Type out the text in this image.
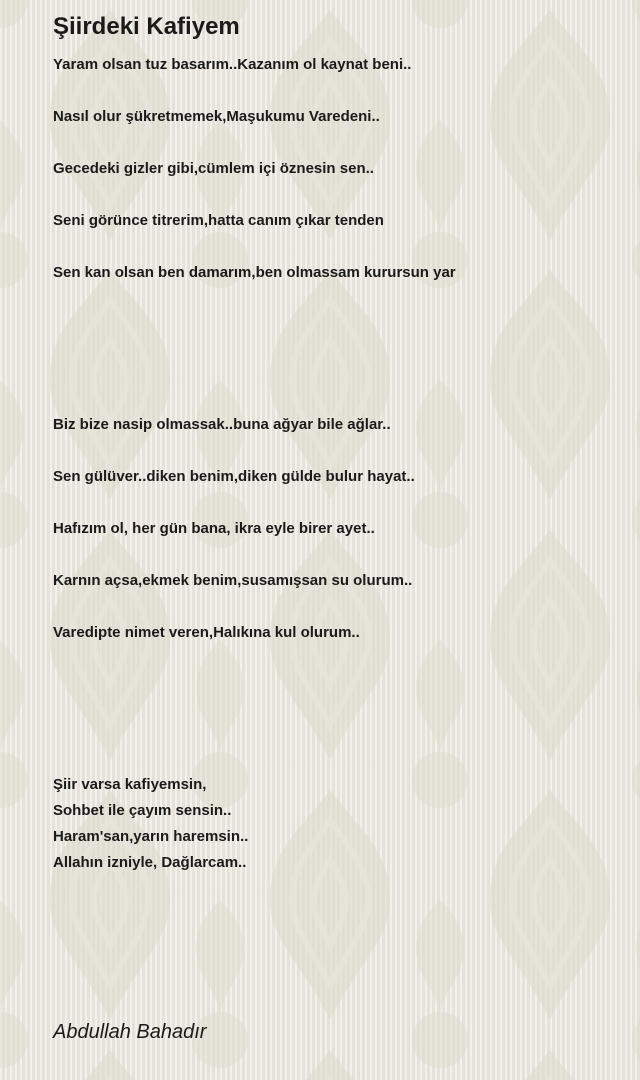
Şiirdeki Kafiyem
Yaram olsan tuz basarım..Kazanım ol kaynat beni..
Nasıl olur şükretmemek,Maşukumu Varedeni..
Gecedeki gizler gibi,cümlem içi öznesin sen..
Seni görünce titrerim,hatta canım çıkar tenden
Sen kan olsan ben damarım,ben olmassam kurursun yar
Biz bize nasip olmassak..buna ağyar bile ağlar..
Sen gülüver..diken benim,diken gülde bulur hayat..
Hafızım ol, her gün bana, ikra eyle birer ayet..
Karnın açsa,ekmek benim,susamışsan su olurum..
Varedipte nimet veren,Halıkına kul olurum..
Şiir varsa kafiyemsin,
Sohbet ile çayım sensin..
Haram'san,yarın haremsin..
Allahın izniyle, Dağlarcam..
Abdullah Bahadır
